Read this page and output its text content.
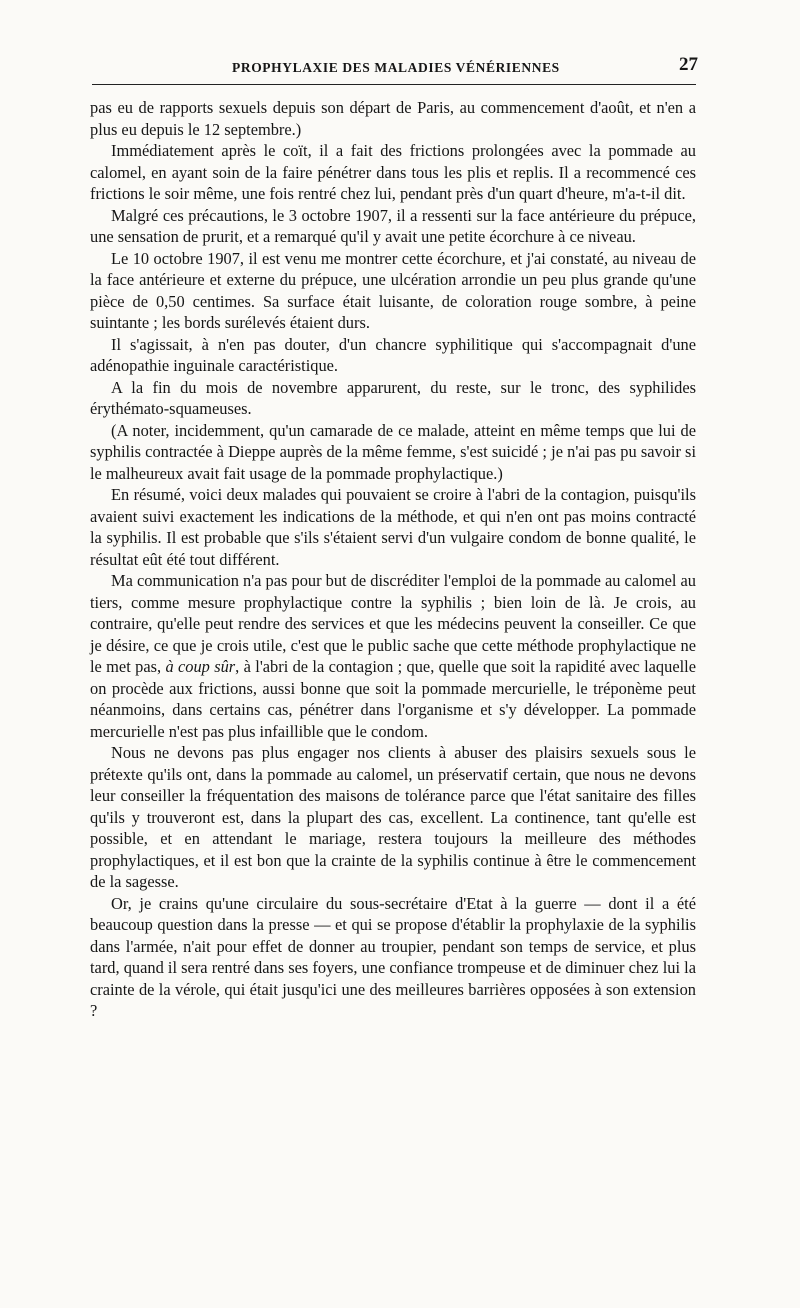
PROPHYLAXIE DES MALADIES VÉNÉRIENNES	27

pas eu de rapports sexuels depuis son départ de Paris, au commencement d'août, et n'en a plus eu depuis le 12 septembre.)

Immédiatement après le coït, il a fait des frictions prolongées avec la pommade au calomel, en ayant soin de la faire pénétrer dans tous les plis et replis. Il a recommencé ces frictions le soir même, une fois rentré chez lui, pendant près d'un quart d'heure, m'a-t-il dit.

Malgré ces précautions, le 3 octobre 1907, il a ressenti sur la face antérieure du prépuce, une sensation de prurit, et a remarqué qu'il y avait une petite écorchure à ce niveau.

Le 10 octobre 1907, il est venu me montrer cette écorchure, et j'ai constaté, au niveau de la face antérieure et externe du prépuce, une ulcération arrondie un peu plus grande qu'une pièce de 0,50 centimes. Sa surface était luisante, de coloration rouge sombre, à peine suintante ; les bords surélevés étaient durs.

Il s'agissait, à n'en pas douter, d'un chancre syphilitique qui s'accompagnait d'une adénopathie inguinale caractéristique.

A la fin du mois de novembre apparurent, du reste, sur le tronc, des syphilides érythémato-squameuses.

(A noter, incidemment, qu'un camarade de ce malade, atteint en même temps que lui de syphilis contractée à Dieppe auprès de la même femme, s'est suicidé ; je n'ai pas pu savoir si le malheureux avait fait usage de la pommade prophylactique.)

En résumé, voici deux malades qui pouvaient se croire à l'abri de la contagion, puisqu'ils avaient suivi exactement les indications de la méthode, et qui n'en ont pas moins contracté la syphilis. Il est probable que s'ils s'étaient servi d'un vulgaire condom de bonne qualité, le résultat eût été tout différent.

Ma communication n'a pas pour but de discréditer l'emploi de la pommade au calomel au tiers, comme mesure prophylactique contre la syphilis ; bien loin de là. Je crois, au contraire, qu'elle peut rendre des services et que les médecins peuvent la conseiller. Ce que je désire, ce que je crois utile, c'est que le public sache que cette méthode prophylactique ne le met pas, à coup sûr, à l'abri de la contagion ; que, quelle que soit la rapidité avec laquelle on procède aux frictions, aussi bonne que soit la pommade mercurielle, le tréponème peut néanmoins, dans certains cas, pénétrer dans l'organisme et s'y développer. La pommade mercurielle n'est pas plus infaillible que le condom.

Nous ne devons pas plus engager nos clients à abuser des plaisirs sexuels sous le prétexte qu'ils ont, dans la pommade au calomel, un préservatif certain, que nous ne devons leur conseiller la fréquentation des maisons de tolérance parce que l'état sanitaire des filles qu'ils y trouveront est, dans la plupart des cas, excellent. La continence, tant qu'elle est possible, et en attendant le mariage, restera toujours la meilleure des méthodes prophylactiques, et il est bon que la crainte de la syphilis continue à être le commencement de la sagesse.

Or, je crains qu'une circulaire du sous-secrétaire d'Etat à la guerre — dont il a été beaucoup question dans la presse — et qui se propose d'établir la prophylaxie de la syphilis dans l'armée, n'ait pour effet de donner au troupier, pendant son temps de service, et plus tard, quand il sera rentré dans ses foyers, une confiance trompeuse et de diminuer chez lui la crainte de la vérole, qui était jusqu'ici une des meilleures barrières opposées à son extension ?
